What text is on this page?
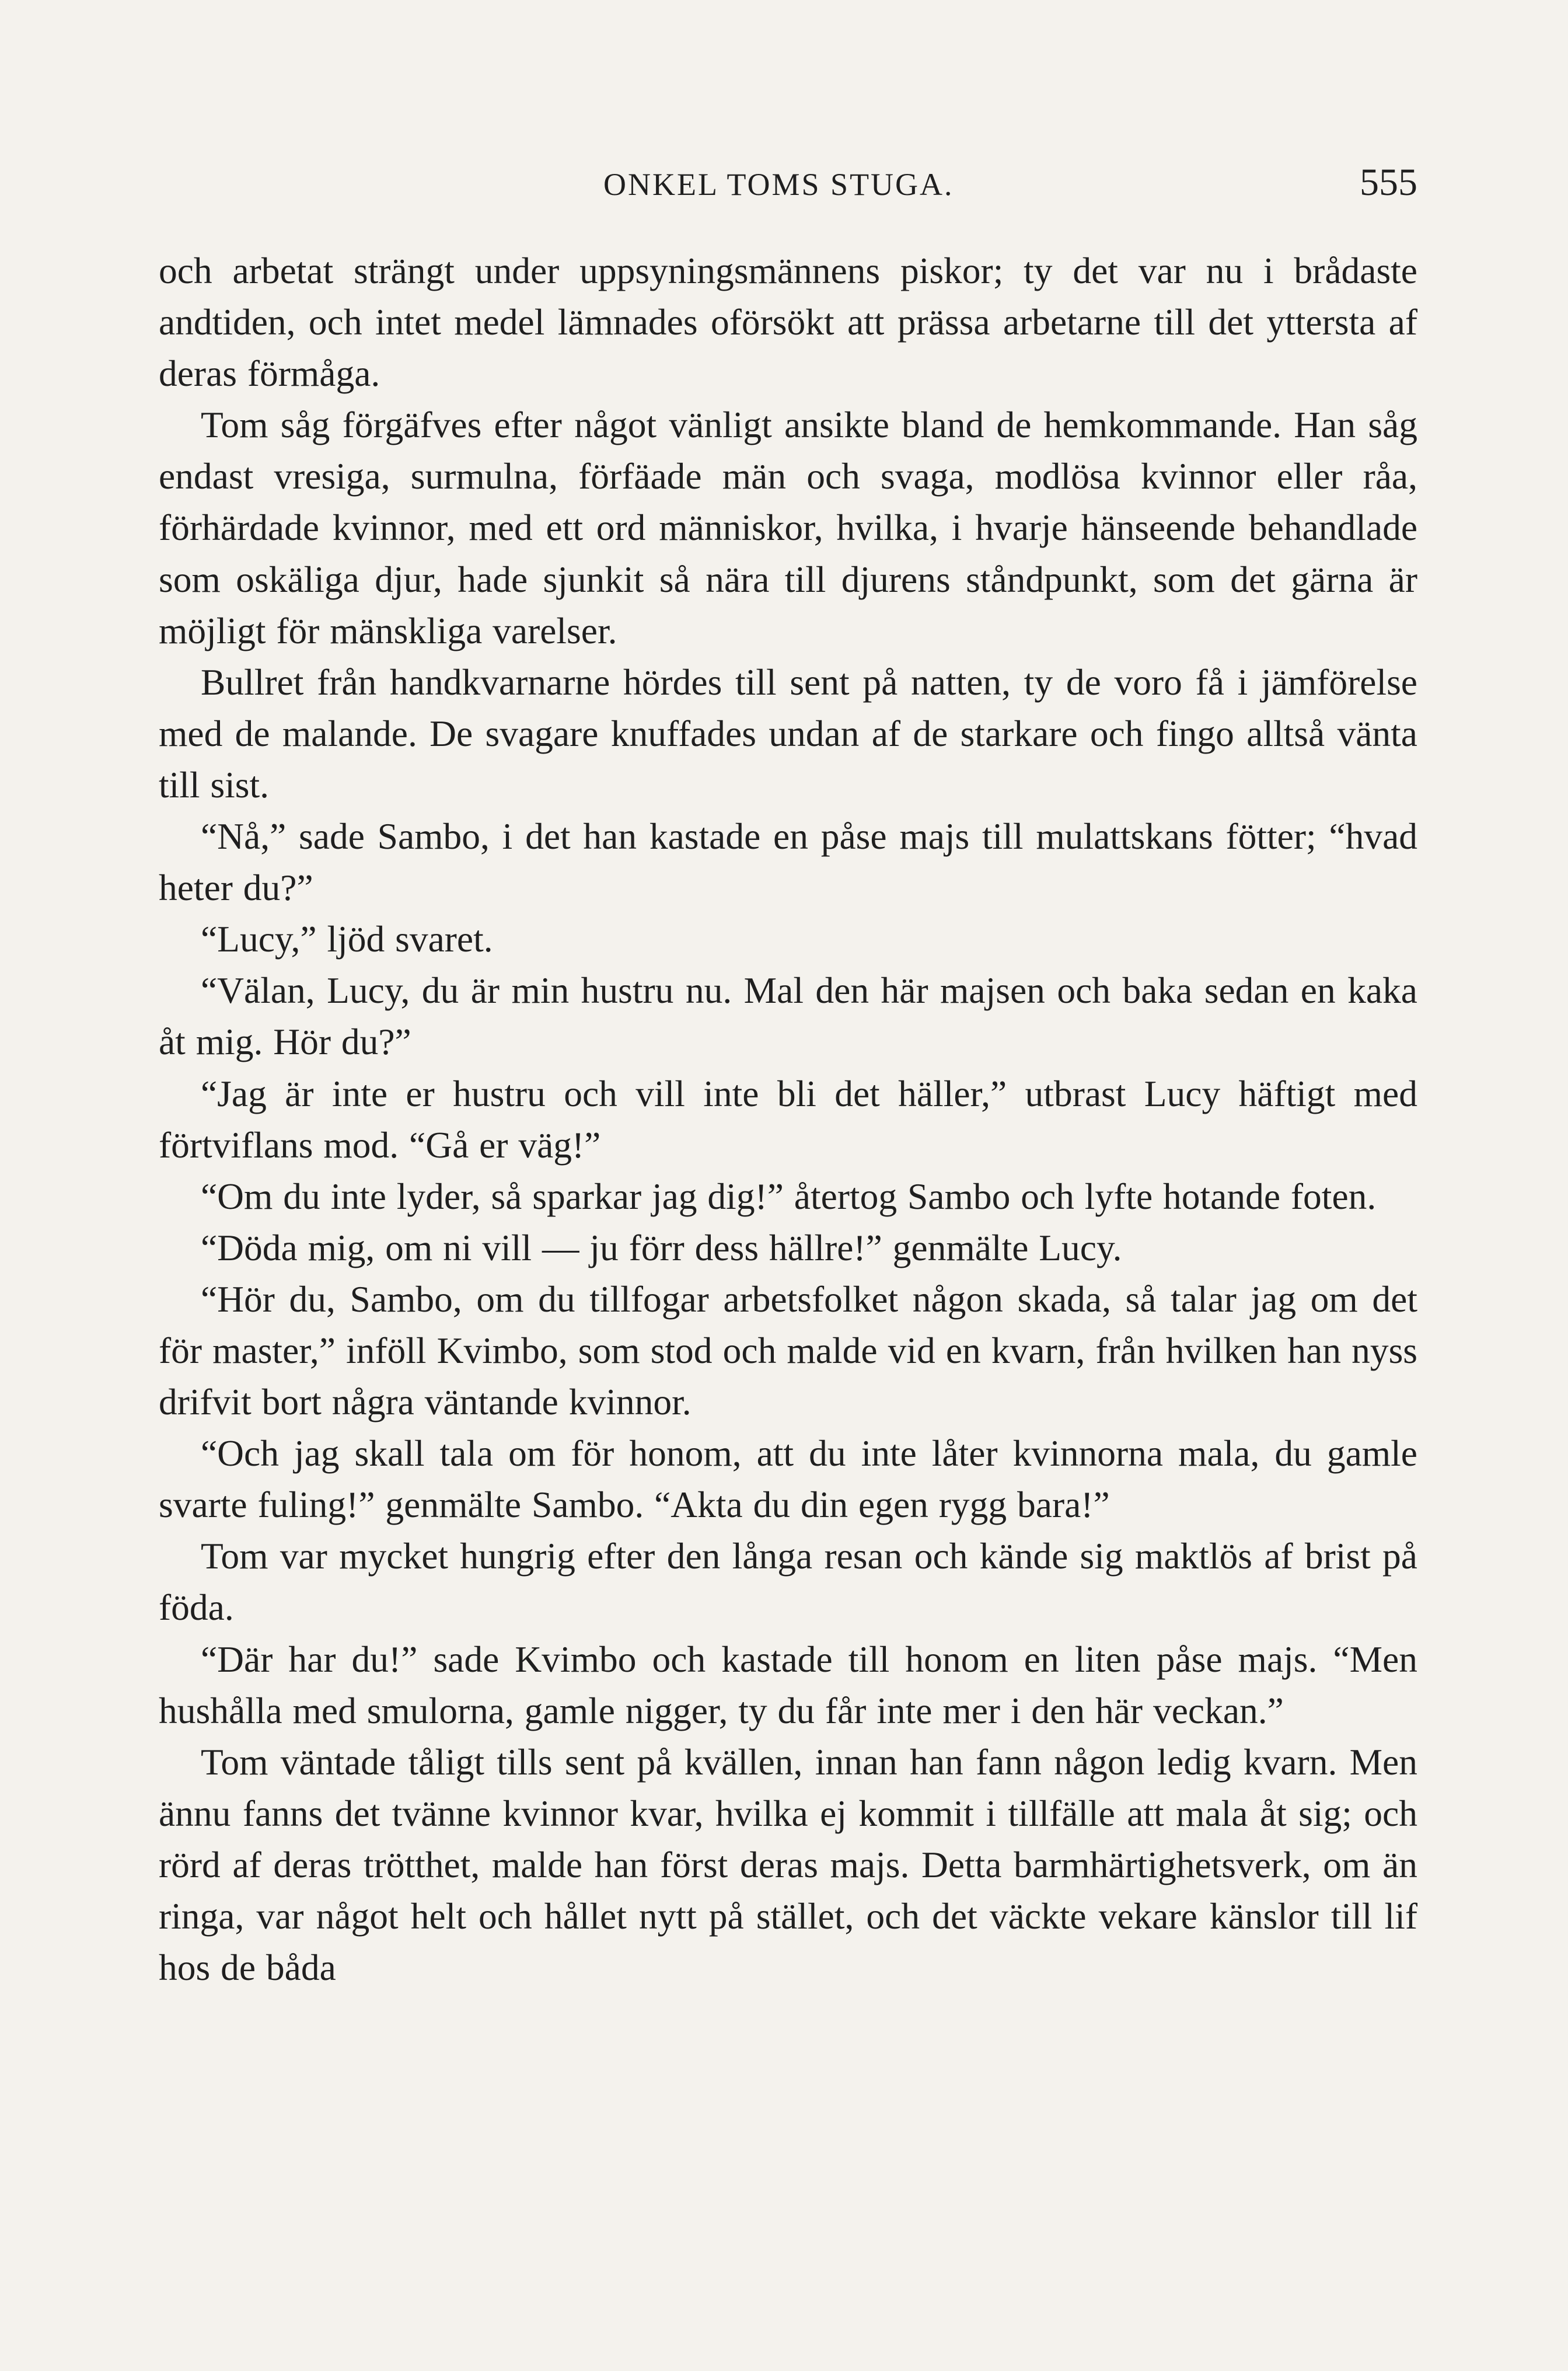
ONKEL TOMS STUGA.	555

och arbetat strängt under uppsyningsmännens piskor; ty det var nu i brådaste andtiden, och intet medel lämnades oförsökt att prässa arbetarne till det yttersta af deras förmåga.

Tom såg förgäfves efter något vänligt ansikte bland de hemkommande. Han såg endast vresiga, surmulna, förfäade män och svaga, modlösa kvinnor eller råa, förhärdade kvinnor, med ett ord människor, hvilka, i hvarje hänseende behandlade som oskäliga djur, hade sjunkit så nära till djurens ståndpunkt, som det gärna är möjligt för mänskliga varelser.

Bullret från handkvarnarne hördes till sent på natten, ty de voro få i jämförelse med de malande. De svagare knuffades undan af de starkare och fingo alltså vänta till sist.

“Nå,” sade Sambo, i det han kastade en påse majs till mulattskans fötter; “hvad heter du?”

“Lucy,” ljöd svaret.

“Välan, Lucy, du är min hustru nu. Mal den här majsen och baka sedan en kaka åt mig. Hör du?”

“Jag är inte er hustru och vill inte bli det häller,” utbrast Lucy häftigt med förtviflans mod. “Gå er väg!”

“Om du inte lyder, så sparkar jag dig!” återtog Sambo och lyfte hotande foten.

“Döda mig, om ni vill — ju förr dess hällre!” genmälte Lucy.

“Hör du, Sambo, om du tillfogar arbetsfolket någon skada, så talar jag om det för master,” inföll Kvimbo, som stod och malde vid en kvarn, från hvilken han nyss drifvit bort några väntande kvinnor.

“Och jag skall tala om för honom, att du inte låter kvinnorna mala, du gamle svarte fuling!” genmälte Sambo. “Akta du din egen rygg bara!”

Tom var mycket hungrig efter den långa resan och kände sig maktlös af brist på föda.

“Där har du!” sade Kvimbo och kastade till honom en liten påse majs. “Men hushålla med smulorna, gamle nigger, ty du får inte mer i den här veckan.”

Tom väntade tåligt tills sent på kvällen, innan han fann någon ledig kvarn. Men ännu fanns det tvänne kvinnor kvar, hvilka ej kommit i tillfälle att mala åt sig; och rörd af deras trötthet, malde han först deras majs. Detta barmhärtighetsverk, om än ringa, var något helt och hållet nytt på stället, och det väckte vekare känslor till lif hos de båda
